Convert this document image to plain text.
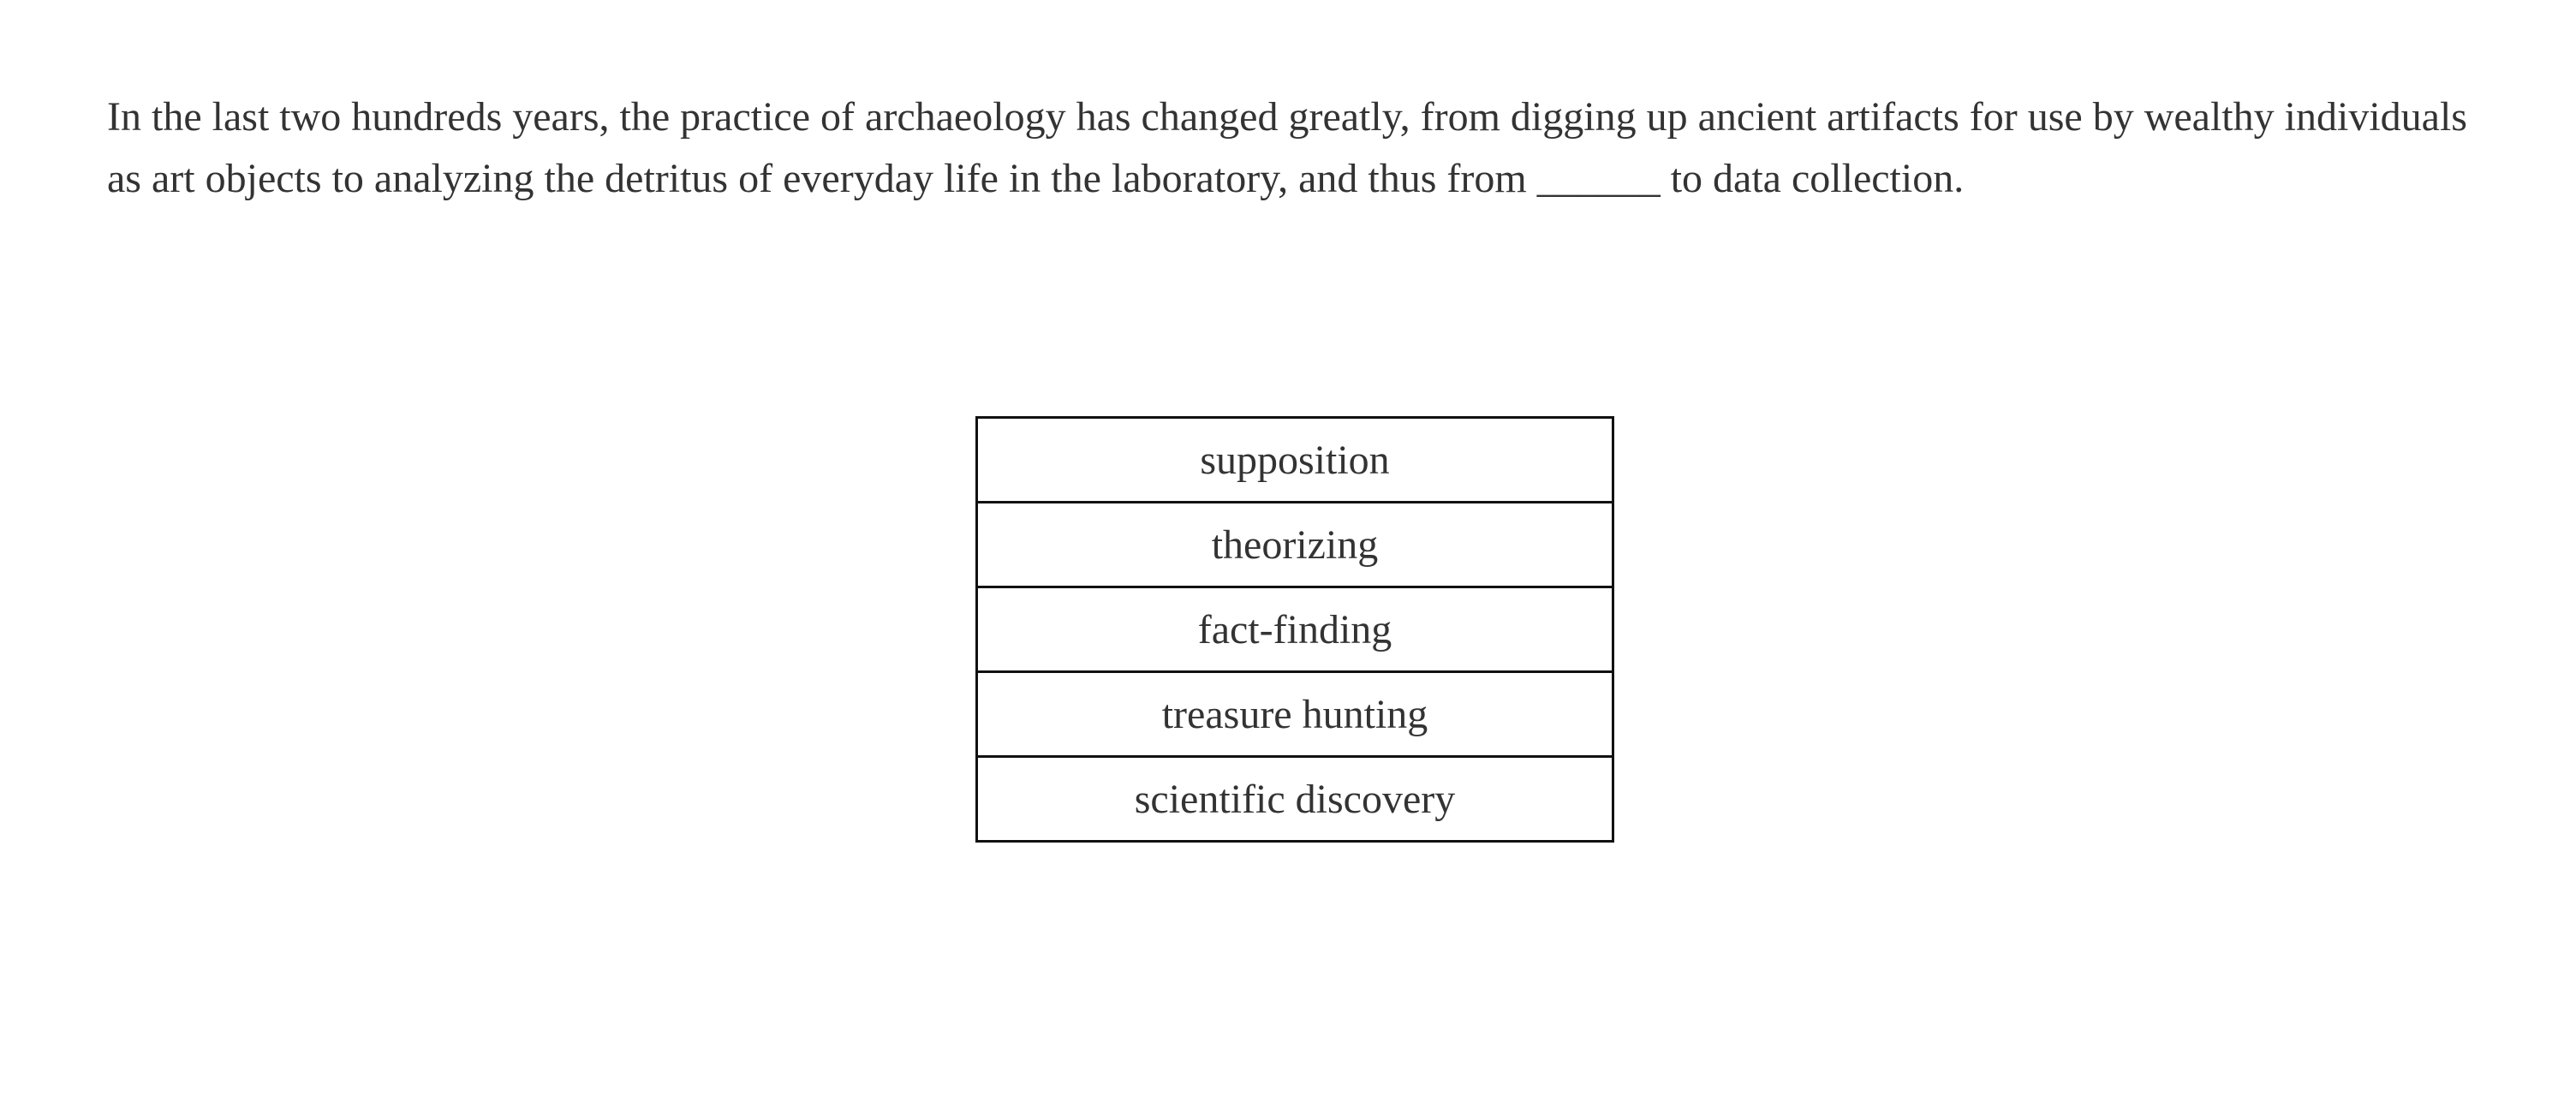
In the last two hundreds years, the practice of archaeology has changed greatly, from digging up ancient artifacts for use by wealthy individuals as art objects to analyzing the detritus of everyday life in the laboratory, and thus from ______ to data collection.

supposition
theorizing
fact-finding
treasure hunting
scientific discovery
